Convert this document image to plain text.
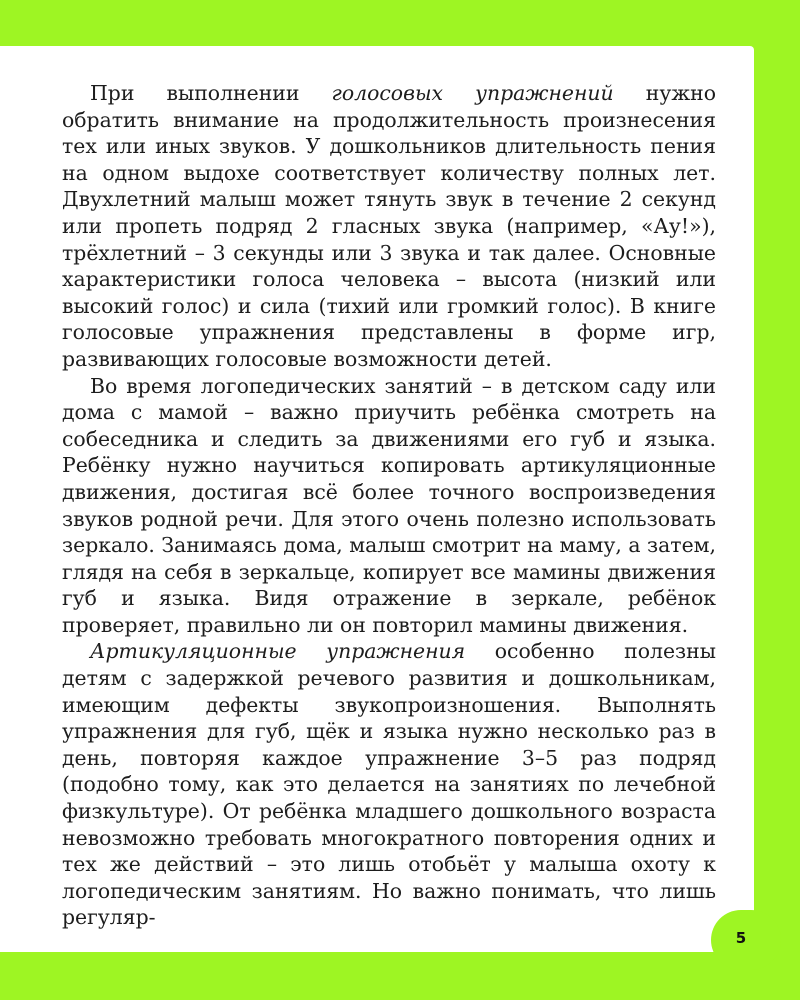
При выполнении голосовых упражнений нужно обратить внимание на продолжительность произнесения тех или иных звуков. У дошкольников длительность пения на одном выдохе соответствует количеству полных лет. Двухлетний малыш может тянуть звук в течение 2 секунд или пропеть подряд 2 гласных звука (например, «Ау!»), трёхлетний – 3 секунды или 3 звука и так далее. Основные характеристики голоса человека – высота (низкий или высокий голос) и сила (тихий или громкий голос). В книге голосовые упражнения представлены в форме игр, развивающих голосовые возможности детей.

Во время логопедических занятий – в детском саду или дома с мамой – важно приучить ребёнка смотреть на собеседника и следить за движениями его губ и языка. Ребёнку нужно научиться копировать артикуляционные движения, достигая всё более точного воспроизведения звуков родной речи. Для этого очень полезно использовать зеркало. Занимаясь дома, малыш смотрит на маму, а затем, глядя на себя в зеркальце, копирует все мамины движения губ и языка. Видя отражение в зеркале, ребёнок проверяет, правильно ли он повторил мамины движения.

Артикуляционные упражнения особенно полезны детям с задержкой речевого развития и дошкольникам, имеющим дефекты звукопроизношения. Выполнять упражнения для губ, щёк и языка нужно несколько раз в день, повторяя каждое упражнение 3–5 раз подряд (подобно тому, как это делается на занятиях по лечебной физкультуре). От ребёнка младшего дошкольного возраста невозможно требовать многократного повторения одних и тех же действий – это лишь отобьёт у малыша охоту к логопедическим занятиям. Но важно понимать, что лишь регуляр-

5
